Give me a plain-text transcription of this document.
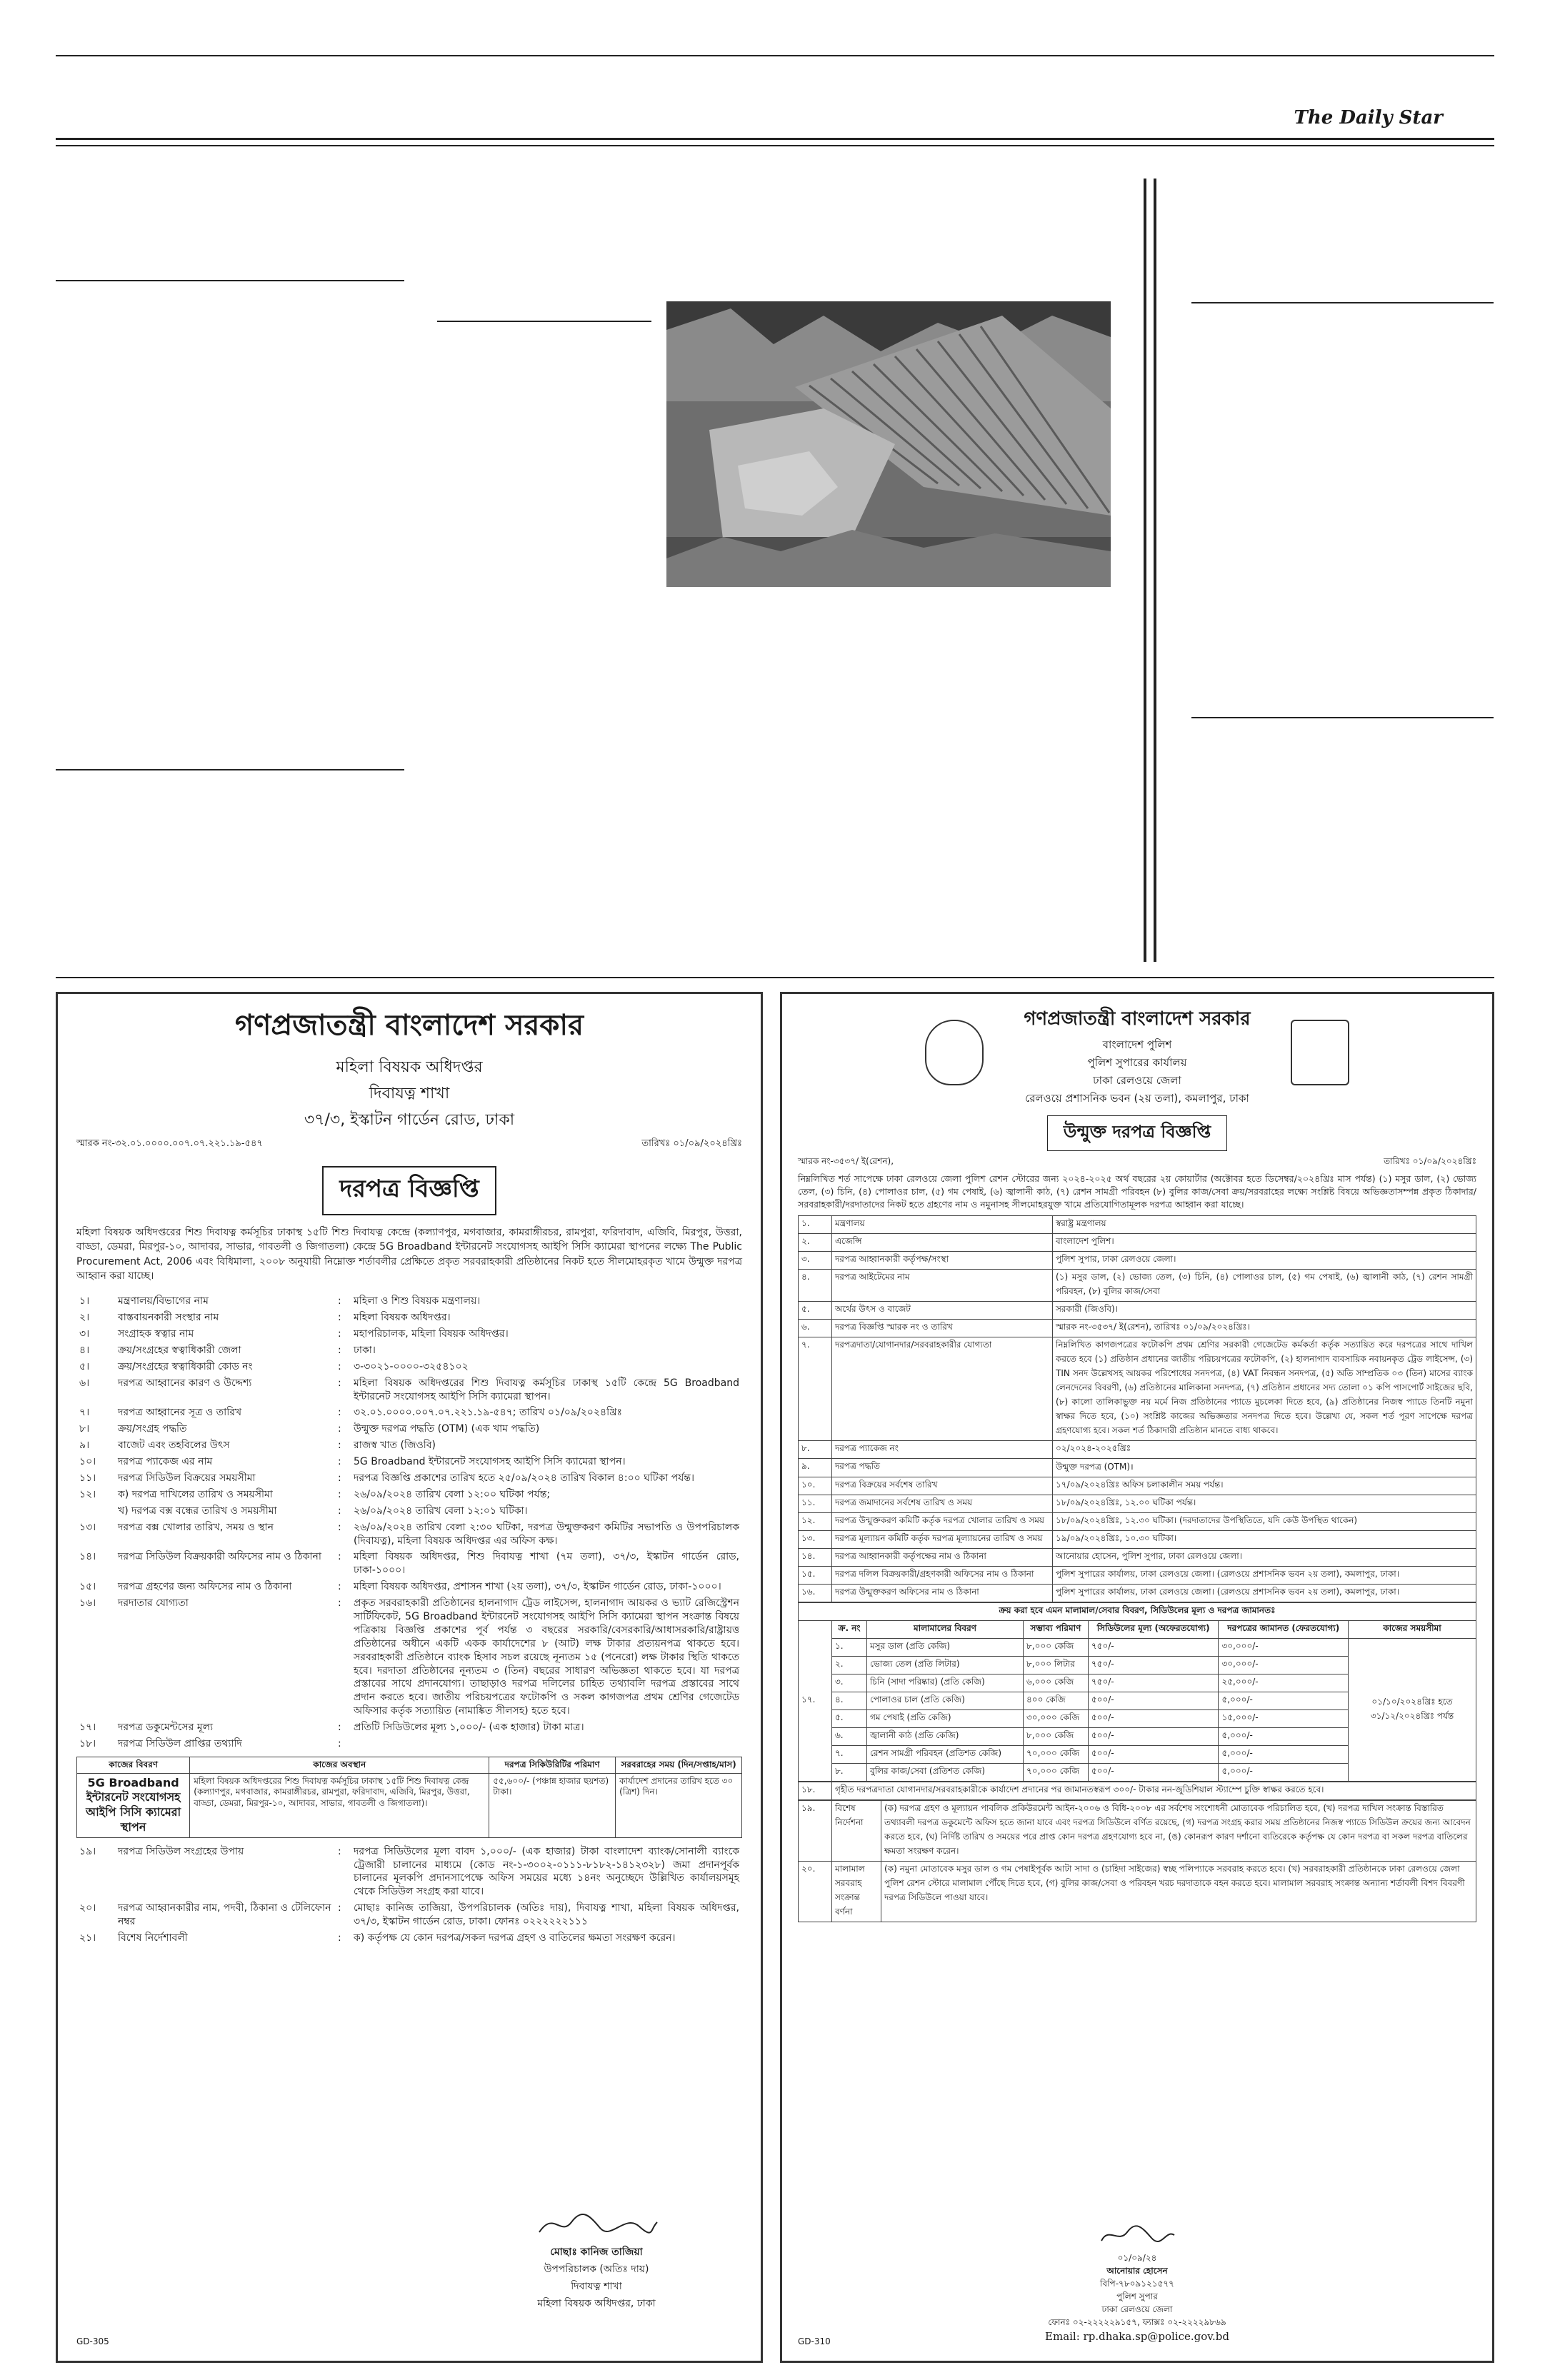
The Daily Star
গণপ্রজাতন্ত্রী বাংলাদেশ সরকার
মহিলা বিষয়ক অধিদপ্তর
দিবাযত্ন শাখা
৩৭/৩, ইস্কাটন গার্ডেন রোড, ঢাকা
স্মারক নং-৩২.০১.০০০০.০০৭.০৭.২২১.১৯-৫৪৭	তারিখঃ ০১/০৯/২০২৪খ্রিঃ
দরপত্র বিজ্ঞপ্তি
মহিলা বিষয়ক অধিদপ্তরের শিশু দিবাযত্ন কর্মসূচির ঢাকাস্থ ১৫টি শিশু দিবাযত্ন কেন্দ্রে (কল্যাণপুর, মগবাজার, কামরাঙ্গীরচর, রামপুরা, ফরিদাবাদ, এজিবি, মিরপুর, উত্তরা, বাড্ডা, ডেমরা, মিরপুর-১০, আদাবর, সাভার, গাবতলী ও জিগাতলা) কেন্দ্রে 5G Broadband ইন্টারনেট সংযোগসহ আইপি সিসি ক্যামেরা স্থাপনের লক্ষ্যে The Public Procurement Act, 2006 এবং বিধিমালা, ২০০৮ অনুযায়ী নিম্নোক্ত শর্তাবলীর প্রেক্ষিতে প্রকৃত সরবরাহকারী প্রতিষ্ঠানের নিকট হতে সীলমোহরকৃত খামে উন্মুক্ত দরপত্র আহ্বান করা যাচ্ছে।
১।	মন্ত্রণালয়/বিভাগের নাম	:	মহিলা ও শিশু বিষয়ক মন্ত্রণালয়।
২।	বাস্তবায়নকারী সংস্থার নাম	:	মহিলা বিষয়ক অধিদপ্তর।
৩।	সংগ্রাহক স্বত্বার নাম	:	মহাপরিচালক, মহিলা বিষয়ক অধিদপ্তর।
৪।	ক্রয়/সংগ্রহের স্বত্বাধিকারী জেলা	:	ঢাকা।
৫।	ক্রয়/সংগ্রহের স্বত্বাধিকারী কোড নং	:	৩-৩০২১-০০০০-৩২৫৪১০২
৬।	দরপত্র আহ্বানের কারণ ও উদ্দেশ্য	:	মহিলা বিষয়ক অধিদপ্তরের শিশু দিবাযত্ন কর্মসূচির ঢাকাস্থ ১৫টি কেন্দ্রে 5G Broadband ইন্টারনেট সংযোগসহ আইপি সিসি ক্যামেরা স্থাপন।
৭।	দরপত্র আহ্বানের সূত্র ও তারিখ	:	৩২.০১.০০০০.০০৭.০৭.২২১.১৯-৫৪৭; তারিখ ০১/০৯/২০২৪খ্রিঃ
৮।	ক্রয়/সংগ্রহ পদ্ধতি	:	উন্মুক্ত দরপত্র পদ্ধতি (OTM) (এক খাম পদ্ধতি)
৯।	বাজেট এবং তহবিলের উৎস	:	রাজস্ব খাত (জিওবি)
১০।	দরপত্র প্যাকেজ এর নাম	:	5G Broadband ইন্টারনেট সংযোগসহ আইপি সিসি ক্যামেরা স্থাপন।
১১।	দরপত্র সিডিউল বিক্রয়ের সময়সীমা	:	দরপত্র বিজ্ঞপ্তি প্রকাশের তারিখ হতে ২৫/০৯/২০২৪ তারিখ বিকাল ৪:০০ ঘটিকা পর্যন্ত।
১২।	ক) দরপত্র দাখিলের তারিখ ও সময়সীমা	:	২৬/০৯/২০২৪ তারিখ বেলা ১২:০০ ঘটিকা পর্যন্ত;
	খ) দরপত্র বক্স বন্ধের তারিখ ও সময়সীমা	:	২৬/০৯/২০২৪ তারিখ বেলা ১২:০১ ঘটিকা।
১৩।	দরপত্র বক্স খোলার তারিখ, সময় ও স্থান	:	২৬/০৯/২০২৪ তারিখ বেলা ২:৩০ ঘটিকা, দরপত্র উন্মুক্তকরণ কমিটির সভাপতি ও উপপরিচালক (দিবাযত্ন), মহিলা বিষয়ক অধিদপ্তর এর অফিস কক্ষ।
১৪।	দরপত্র সিডিউল বিক্রয়কারী অফিসের নাম ও ঠিকানা	:	মহিলা বিষয়ক অধিদপ্তর, শিশু দিবাযত্ন শাখা (৭ম তলা), ৩৭/৩, ইস্কাটন গার্ডেন রোড, ঢাকা-১০০০।
১৫।	দরপত্র গ্রহণের জন্য অফিসের নাম ও ঠিকানা	:	মহিলা বিষয়ক অধিদপ্তর, প্রশাসন শাখা (২য় তলা), ৩৭/৩, ইস্কাটন গার্ডেন রোড, ঢাকা-১০০০।
১৬।	দরদাতার যোগ্যতা	:	প্রকৃত সরবরাহকারী প্রতিষ্ঠানের হালনাগাদ ট্রেড লাইসেন্স, হালনাগাদ আয়কর ও ভ্যাট রেজিস্ট্রেশন সার্টিফিকেট, 5G Broadband ইন্টারনেট সংযোগসহ আইপি সিসি ক্যামেরা স্থাপন সংক্রান্ত বিষয়ে পত্রিকায় বিজ্ঞপ্তি প্রকাশের পূর্ব পর্যন্ত ৩ বছরের সরকারি/বেসরকারি/আধাসরকারি/রাষ্ট্রায়ত্ত প্রতিষ্ঠানের অধীনে একটি একক কার্যাদেশের ৮ (আট) লক্ষ টাকার প্রত্যয়নপত্র থাকতে হবে। সরবরাহকারী প্রতিষ্ঠানে ব্যাংক হিসাব সচল রয়েছে নূন্যতম ১৫ (পনেরো) লক্ষ টাকার স্থিতি থাকতে হবে। দরদাতা প্রতিষ্ঠানের নূন্যতম ৩ (তিন) বছরের সাধারণ অভিজ্ঞতা থাকতে হবে। যা দরপত্র প্রস্তাবের সাথে প্রদানযোগ্য। তাছাড়াও দরপত্র দলিলের চাহিত তথ্যাবলি দরপত্র প্রস্তাবের সাথে প্রদান করতে হবে। জাতীয় পরিচয়পত্রের ফটোকপি ও সকল কাগজপত্র প্রথম শ্রেণির গেজেটেড অফিসার কর্তৃক সত্যায়িত (নামাঙ্কিত সীলসহ) হতে হবে।
১৭।	দরপত্র ডকুমেন্টসের মূল্য	:	প্রতিটি সিডিউলের মূল্য ১,০০০/- (এক হাজার) টাকা মাত্র।
১৮।	দরপত্র সিডিউল প্রাপ্তির তথ্যাদি	:	
কাজের বিবরণ	কাজের অবস্থান	দরপত্র সিকিউরিটির পরিমাণ	সরবরাহের সময় (দিন/সপ্তাহ/মাস)
5G Broadband ইন্টারনেট সংযোগসহ আইপি সিসি ক্যামেরা স্থাপন	মহিলা বিষয়ক অধিদপ্তরের শিশু দিবাযত্ন কর্মসূচির ঢাকাস্থ ১৫টি শিশু দিবাযত্ন কেন্দ্র (কল্যাণপুর, মগবাজার, কামরাঙ্গীরচর, রামপুরা, ফরিদাবাদ, এজিবি, মিরপুর, উত্তরা, বাড্ডা, ডেমরা, মিরপুর-১০, আদাবর, সাভার, গাবতলী ও জিগাতলা)।	৫৫,৬০০/- (পঞ্চান্ন হাজার ছয়শত) টাকা।	কার্যাদেশ প্রদানের তারিখ হতে ৩০ (ত্রিশ) দিন।
১৯।	দরপত্র সিডিউল সংগ্রহের উপায়	:	দরপত্র সিডিউলের মূল্য বাবদ ১,০০০/- (এক হাজার) টাকা বাংলাদেশ ব্যাংক/সোনালী ব্যাংকে ট্রেজারী চালানের মাধ্যমে (কোড নং-১-৩০০২-০১১১-৮১৮২-১৪১২৩২৮) জমা প্রদানপূর্বক চালানের মূলকপি প্রদানসাপেক্ষে অফিস সময়ের মধ্যে ১৪নং অনুচ্ছেদে উল্লিখিত কার্যালয়সমূহ থেকে সিডিউল সংগ্রহ করা যাবে।
২০।	দরপত্র আহ্বানকারীর নাম, পদবী, ঠিকানা ও টেলিফোন নম্বর	:	মোছাঃ কানিজ তাজিয়া, উপপরিচালক (অতিঃ দায়), দিবাযত্ন শাখা, মহিলা বিষয়ক অধিদপ্তর, ৩৭/৩, ইস্কাটন গার্ডেন রোড, ঢাকা। ফোনঃ ০২২২২২২১১১
২১।	বিশেষ নির্দেশাবলী	:	ক) কর্তৃপক্ষ যে কোন দরপত্র/সকল দরপত্র গ্রহণ ও বাতিলের ক্ষমতা সংরক্ষণ করেন।
মোছাঃ কানিজ তাজিয়া
উপপরিচালক (অতিঃ দায়)
দিবাযত্ন শাখা
মহিলা বিষয়ক অধিদপ্তর, ঢাকা
GD-305
গণপ্রজাতন্ত্রী বাংলাদেশ সরকার
বাংলাদেশ পুলিশ
পুলিশ সুপারের কার্যালয়
ঢাকা রেলওয়ে জেলা
রেলওয়ে প্রশাসনিক ভবন (২য় তলা), কমলাপুর, ঢাকা
উন্মুক্ত দরপত্র বিজ্ঞপ্তি
স্মারক নং-৩৫৩৭/ ই(রেশন),	তারিখঃ ০১/০৯/২০২৪খ্রিঃ
নিম্নলিখিত শর্ত সাপেক্ষে ঢাকা রেলওয়ে জেলা পুলিশ রেশন স্টোরের জন্য ২০২৪-২০২৫ অর্থ বছরের ২য় কোয়ার্টার (অক্টোবর হতে ডিসেম্বর/২০২৪খ্রিঃ মাস পর্যন্ত) (১) মসুর ডাল, (২) ভোজ্য তেল, (৩) চিনি, (৪) পোলাওর চাল, (৫) গম পেষাই, (৬) জ্বালানী কাঠ, (৭) রেশন সামগ্রী পরিবহন (৮) বুলির কাজ/সেবা ক্রয়/সরবরাহের লক্ষ্যে সংশ্লিষ্ট বিষয়ে অভিজ্ঞতাসম্পন্ন প্রকৃত ঠিকাদার/সরবরাহকারী/দরদাতাদের নিকট হতে গ্রহণের নাম ও নমুনাসহ সীলমোহরযুক্ত খামে প্রতিযোগিতামূলক দরপত্র আহ্বান করা যাচ্ছে।
১.	মন্ত্রণালয়	স্বরাষ্ট্র মন্ত্রণালয়
২.	এজেন্সি	বাংলাদেশ পুলিশ।
৩.	দরপত্র আহ্বানকারী কর্তৃপক্ষ/সংস্থা	পুলিশ সুপার, ঢাকা রেলওয়ে জেলা।
৪.	দরপত্র আইটেমের নাম	(১) মসুর ডাল, (২) ভোজ্য তেল, (৩) চিনি, (৪) পোলাওর চাল, (৫) গম পেষাই, (৬) জ্বালানী কাঠ, (৭) রেশন সামগ্রী পরিবহন, (৮) বুলির কাজ/সেবা
৫.	অর্থের উৎস ও বাজেট	সরকারী (জিওবি)।
৬.	দরপত্র বিজ্ঞপ্তি স্মারক নং ও তারিখ	স্মারক নং-৩৫৩৭/ ই(রেশন), তারিখঃ ০১/০৯/২০২৪খ্রিঃ।
৭.	দরপত্রদাতা/যোগানদার/সরবরাহকারীর যোগ্যতা	নিম্নলিখিত কাগজপত্রের ফটোকপি প্রথম শ্রেণির সরকারী গেজেটেড কর্মকর্তা কর্তৃক সত্যায়িত করে দরপত্রের সাথে দাখিল করতে হবে (১) প্রতিষ্ঠান প্রধানের জাতীয় পরিচয়পত্রের ফটোকপি, (২) হালনাগাদ ব্যবসায়িক নবায়নকৃত ট্রেড লাইসেন্স, (৩) TIN সনদ উল্লেখসহ আয়কর পরিশোধের সনদপত্র, (৪) VAT নিবন্ধন সনদপত্র, (৫) অতি সাম্প্রতিক ০৩ (তিন) মাসের ব্যাংক লেনদেনের বিবরণী, (৬) প্রতিষ্ঠানের মালিকানা সনদপত্র, (৭) প্রতিষ্ঠান প্রধানের সদ্য তোলা ০১ কপি পাসপোর্ট সাইজের ছবি, (৮) কালো তালিকাভুক্ত নয় মর্মে নিজ প্রতিষ্ঠানের প্যাডে মুচলেকা দিতে হবে, (৯) প্রতিষ্ঠানের নিজস্ব প্যাডে তিনটি নমুনা স্বাক্ষর দিতে হবে, (১০) সংশ্লিষ্ট কাজের অভিজ্ঞতার সনদপত্র দিতে হবে। উল্লেখ্য যে, সকল শর্ত পূরণ সাপেক্ষে দরপত্র গ্রহণযোগ্য হবে। সকল শর্ত ঠিকাদারী প্রতিষ্ঠান মানতে বাধ্য থাকবে।
৮.	দরপত্র প্যাকেজ নং	০২/২০২৪-২০২৫খ্রিঃ
৯.	দরপত্র পদ্ধতি	উন্মুক্ত দরপত্র (OTM)।
১০.	দরপত্র বিক্রয়ের সর্বশেষ তারিখ	১৭/০৯/২০২৪খ্রিঃ অফিস চলাকালীন সময় পর্যন্ত।
১১.	দরপত্র জমাদানের সর্বশেষ তারিখ ও সময়	১৮/০৯/২০২৪খ্রিঃ, ১২.০০ ঘটিকা পর্যন্ত।
১২.	দরপত্র উন্মুক্তকরণ কমিটি কর্তৃক দরপত্র খোলার তারিখ ও সময়	১৮/০৯/২০২৪খ্রিঃ, ১২.৩০ ঘটিকা। (দরদাতাদের উপস্থিতিতে, যদি কেউ উপস্থিত থাকেন)
১৩.	দরপত্র মূল্যায়ন কমিটি কর্তৃক দরপত্র মূল্যায়নের তারিখ ও সময়	১৯/০৯/২০২৪খ্রিঃ, ১০.৩০ ঘটিকা।
১৪.	দরপত্র আহ্বানকারী কর্তৃপক্ষের নাম ও ঠিকানা	আনোয়ার হোসেন, পুলিশ সুপার, ঢাকা রেলওয়ে জেলা।
১৫.	দরপত্র দলিল বিক্রয়কারী/গ্রহণকারী অফিসের নাম ও ঠিকানা	পুলিশ সুপারের কার্যালয়, ঢাকা রেলওয়ে জেলা। (রেলওয়ে প্রশাসনিক ভবন ২য় তলা), কমলাপুর, ঢাকা।
১৬.	দরপত্র উন্মুক্তকরণ অফিসের নাম ও ঠিকানা	পুলিশ সুপারের কার্যালয়, ঢাকা রেলওয়ে জেলা। (রেলওয়ে প্রশাসনিক ভবন ২য় তলা), কমলাপুর, ঢাকা।
ক্রয় করা হবে এমন মালামাল/সেবার বিবরণ, সিডিউলের মূল্য ও দরপত্র জামানতঃ						
১৭.	ক্র. নং	মালামালের বিবরণ	সম্ভাব্য পরিমাণ	সিডিউলের মূল্য (অফেরতযোগ্য)	দরপত্রের জামানত (ফেরতযোগ্য)	কাজের সময়সীমা
	১.	মসুর ডাল (প্রতি কেজি)	৮,০০০ কেজি	৭৫০/-	৩০,০০০/-	০১/১০/২০২৪খ্রিঃ হতে ৩১/১২/২০২৪খ্রিঃ পর্যন্ত
	২.	ভোজ্য তেল (প্রতি লিটার)	৮,০০০ লিটার	৭৫০/-	৩০,০০০/-	
	৩.	চিনি (সাদা পরিষ্কার) (প্রতি কেজি)	৬,০০০ কেজি	৭৫০/-	২৫,০০০/-	
	৪.	পোলাওর চাল (প্রতি কেজি)	৪০০ কেজি	৫০০/-	৫,০০০/-	
	৫.	গম পেষাই (প্রতি কেজি)	৩০,০০০ কেজি	৫০০/-	১৫,০০০/-	
	৬.	জ্বালানী কাঠ (প্রতি কেজি)	৮,০০০ কেজি	৫০০/-	৫,০০০/-	
	৭.	রেশন সামগ্রী পরিবহন (প্রতিশত কেজি)	৭০,০০০ কেজি	৫০০/-	৫,০০০/-	
	৮.	বুলির কাজ/সেবা (প্রতিশত কেজি)	৭০,০০০ কেজি	৫০০/-	৫,০০০/-	
১৮.	গৃহীত দরপত্রদাতা যোগানদার/সরবরাহকারীকে কার্যাদেশ প্রদানের পর জামানতস্বরূপ ৩০০/- টাকার নন-জুডিশিয়াল স্ট্যাম্পে চুক্তি স্বাক্ষর করতে হবে।
১৯.	বিশেষ নির্দেশনা	(ক) দরপত্র গ্রহণ ও মূল্যায়ন পাবলিক প্রকিউরমেন্ট আইন-২০০৬ ও বিধি-২০০৮ এর সর্বশেষ সংশোধনী মোতাবেক পরিচালিত হবে, (খ) দরপত্র দাখিল সংক্রান্ত বিস্তারিত তথ্যাবলী দরপত্র ডকুমেন্টে অফিস হতে জানা যাবে এবং দরপত্র সিডিউলে বর্ণিত রয়েছে, (গ) দরপত্র সংগ্রহ করার সময় প্রতিষ্ঠানের নিজস্ব প্যাডে সিডিউল ক্রয়ের জন্য আবেদন করতে হবে, (ঘ) নির্দিষ্ট তারিখ ও সময়ের পরে প্রাপ্ত কোন দরপত্র গ্রহণযোগ্য হবে না, (ঙ) কোনরূপ কারণ দর্শানো ব্যতিরেকে কর্তৃপক্ষ যে কোন দরপত্র বা সকল দরপত্র বাতিলের ক্ষমতা সংরক্ষণ করেন।
২০.	মালামাল সরবরাহ সংক্রান্ত বর্ণনা	(ক) নমুনা মোতাবেক মসুর ডাল ও গম পেষাইপূর্বক আটা সাদা ও (চাহিদা সাইজের) স্বচ্ছ পলিপ্যাকে সরবরাহ করতে হবে। (খ) সরবরাহকারী প্রতিষ্ঠানকে ঢাকা রেলওয়ে জেলা পুলিশ রেশন স্টোরে মালামাল পৌঁছে দিতে হবে, (গ) বুলির কাজ/সেবা ও পরিবহন খরচ দরদাতাকে বহন করতে হবে। মালামাল সরবরাহ সংক্রান্ত অন্যান্য শর্তাবলী বিশদ বিবরণী দরপত্র সিডিউলে পাওয়া যাবে।
০১/০৯/২৪
আনোয়ার হোসেন
বিপি-৭৮০৯১২১৫৭৭
পুলিশ সুপার
ঢাকা রেলওয়ে জেলা
ফোনঃ ০২-২২২২২৯১৫৭, ফ্যাক্সঃ ০২-২২২২৯৮৬৯
Email: rp.dhaka.sp@police.gov.bd
GD-310
